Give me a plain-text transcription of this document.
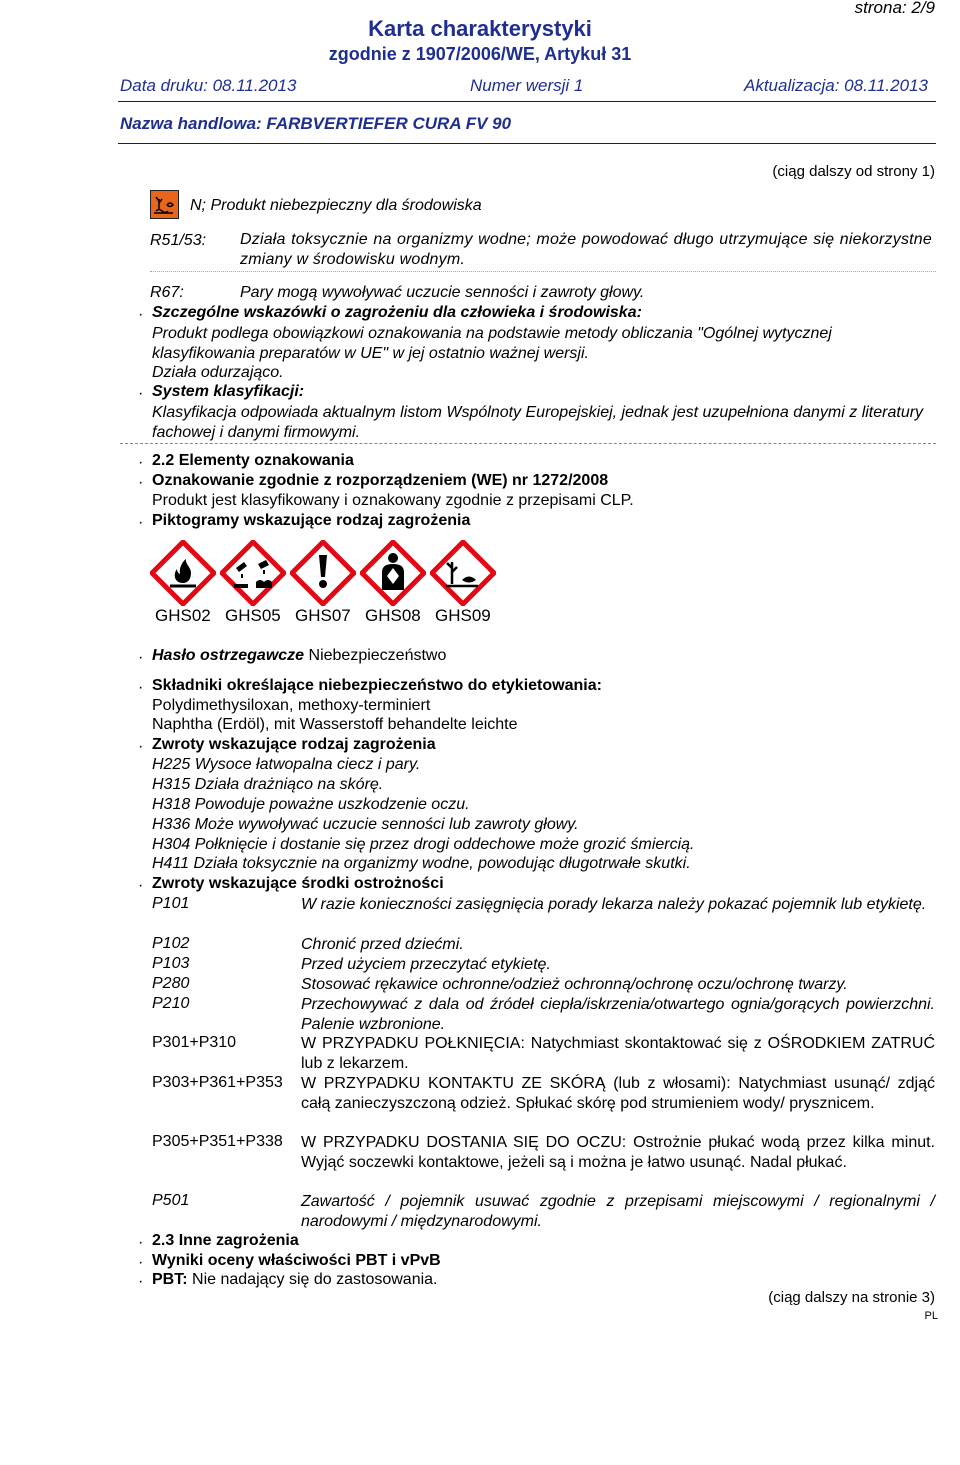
strona: 2/9
Karta charakterystyki
zgodnie z 1907/2006/WE, Artykuł 31
Data druku: 08.11.2013	Numer wersji 1	Aktualizacja: 08.11.2013
Nazwa handlowa: FARBVERTIEFER CURA FV 90
(ciąg dalszy od strony 1)
N; Produkt niebezpieczny dla środowiska
R51/53: Działa toksycznie na organizmy wodne; może powodować długo utrzymujące się niekorzystne zmiany w środowisku wodnym.
R67:	Pary mogą wywoływać uczucie senności i zawroty głowy.
· Szczególne wskazówki o zagrożeniu dla człowieka i środowiska:
Produkt podlega obowiązkowi oznakowania na podstawie metody obliczania "Ogólnej wytycznej klasyfikowania preparatów w UE" w jej ostatnio ważnej wersji.
Działa odurzająco.
· System klasyfikacji:
Klasyfikacja odpowiada aktualnym listom Wspólnoty Europejskiej, jednak jest uzupełniona danymi z literatury fachowej i danymi firmowymi.
· 2.2 Elementy oznakowania
· Oznakowanie zgodnie z rozporządzeniem (WE) nr 1272/2008
Produkt jest klasyfikowany i oznakowany zgodnie z przepisami CLP.
· Piktogramy wskazujące rodzaj zagrożenia
GHS02 GHS05 GHS07 GHS08 GHS09
· Hasło ostrzegawcze Niebezpieczeństwo
· Składniki określające niebezpieczeństwo do etykietowania:
Polydimethysiloxan, methoxy-terminiert
Naphtha (Erdöl), mit Wasserstoff behandelte leichte
· Zwroty wskazujące rodzaj zagrożenia
H225 Wysoce łatwopalna ciecz i pary.
H315 Działa drażniąco na skórę.
H318 Powoduje poważne uszkodzenie oczu.
H336 Może wywoływać uczucie senności lub zawroty głowy.
H304 Połknięcie i dostanie się przez drogi oddechowe może grozić śmiercią.
H411 Działa toksycznie na organizmy wodne, powodując długotrwałe skutki.
· Zwroty wskazujące środki ostrożności
P101	W razie konieczności zasięgnięcia porady lekarza należy pokazać pojemnik lub etykietę.
P102	Chronić przed dziećmi.
P103	Przed użyciem przeczytać etykietę.
P280	Stosować rękawice ochronne/odzież ochronną/ochronę oczu/ochronę twarzy.
P210	Przechowywać z dala od źródeł ciepła/iskrzenia/otwartego ognia/gorących powierzchni. Palenie wzbronione.
P301+P310	W PRZYPADKU POŁKNIĘCIA: Natychmiast skontaktować się z OŚRODKIEM ZATRUĆ lub z lekarzem.
P303+P361+P353 W PRZYPADKU KONTAKTU ZE SKÓRĄ (lub z włosami): Natychmiast usunąć/ zdjąć całą zanieczyszczoną odzież. Spłukać skórę pod strumieniem wody/ prysznicem.
P305+P351+P338 W PRZYPADKU DOSTANIA SIĘ DO OCZU: Ostrożnie płukać wodą przez kilka minut. Wyjąć soczewki kontaktowe, jeżeli są i można je łatwo usunąć. Nadal płukać.
P501	Zawartość / pojemnik usuwać zgodnie z przepisami miejscowymi / regionalnymi / narodowymi / międzynarodowymi.
· 2.3 Inne zagrożenia
· Wyniki oceny właściwości PBT i vPvB
· PBT: Nie nadający się do zastosowania.
(ciąg dalszy na stronie 3)
PL
